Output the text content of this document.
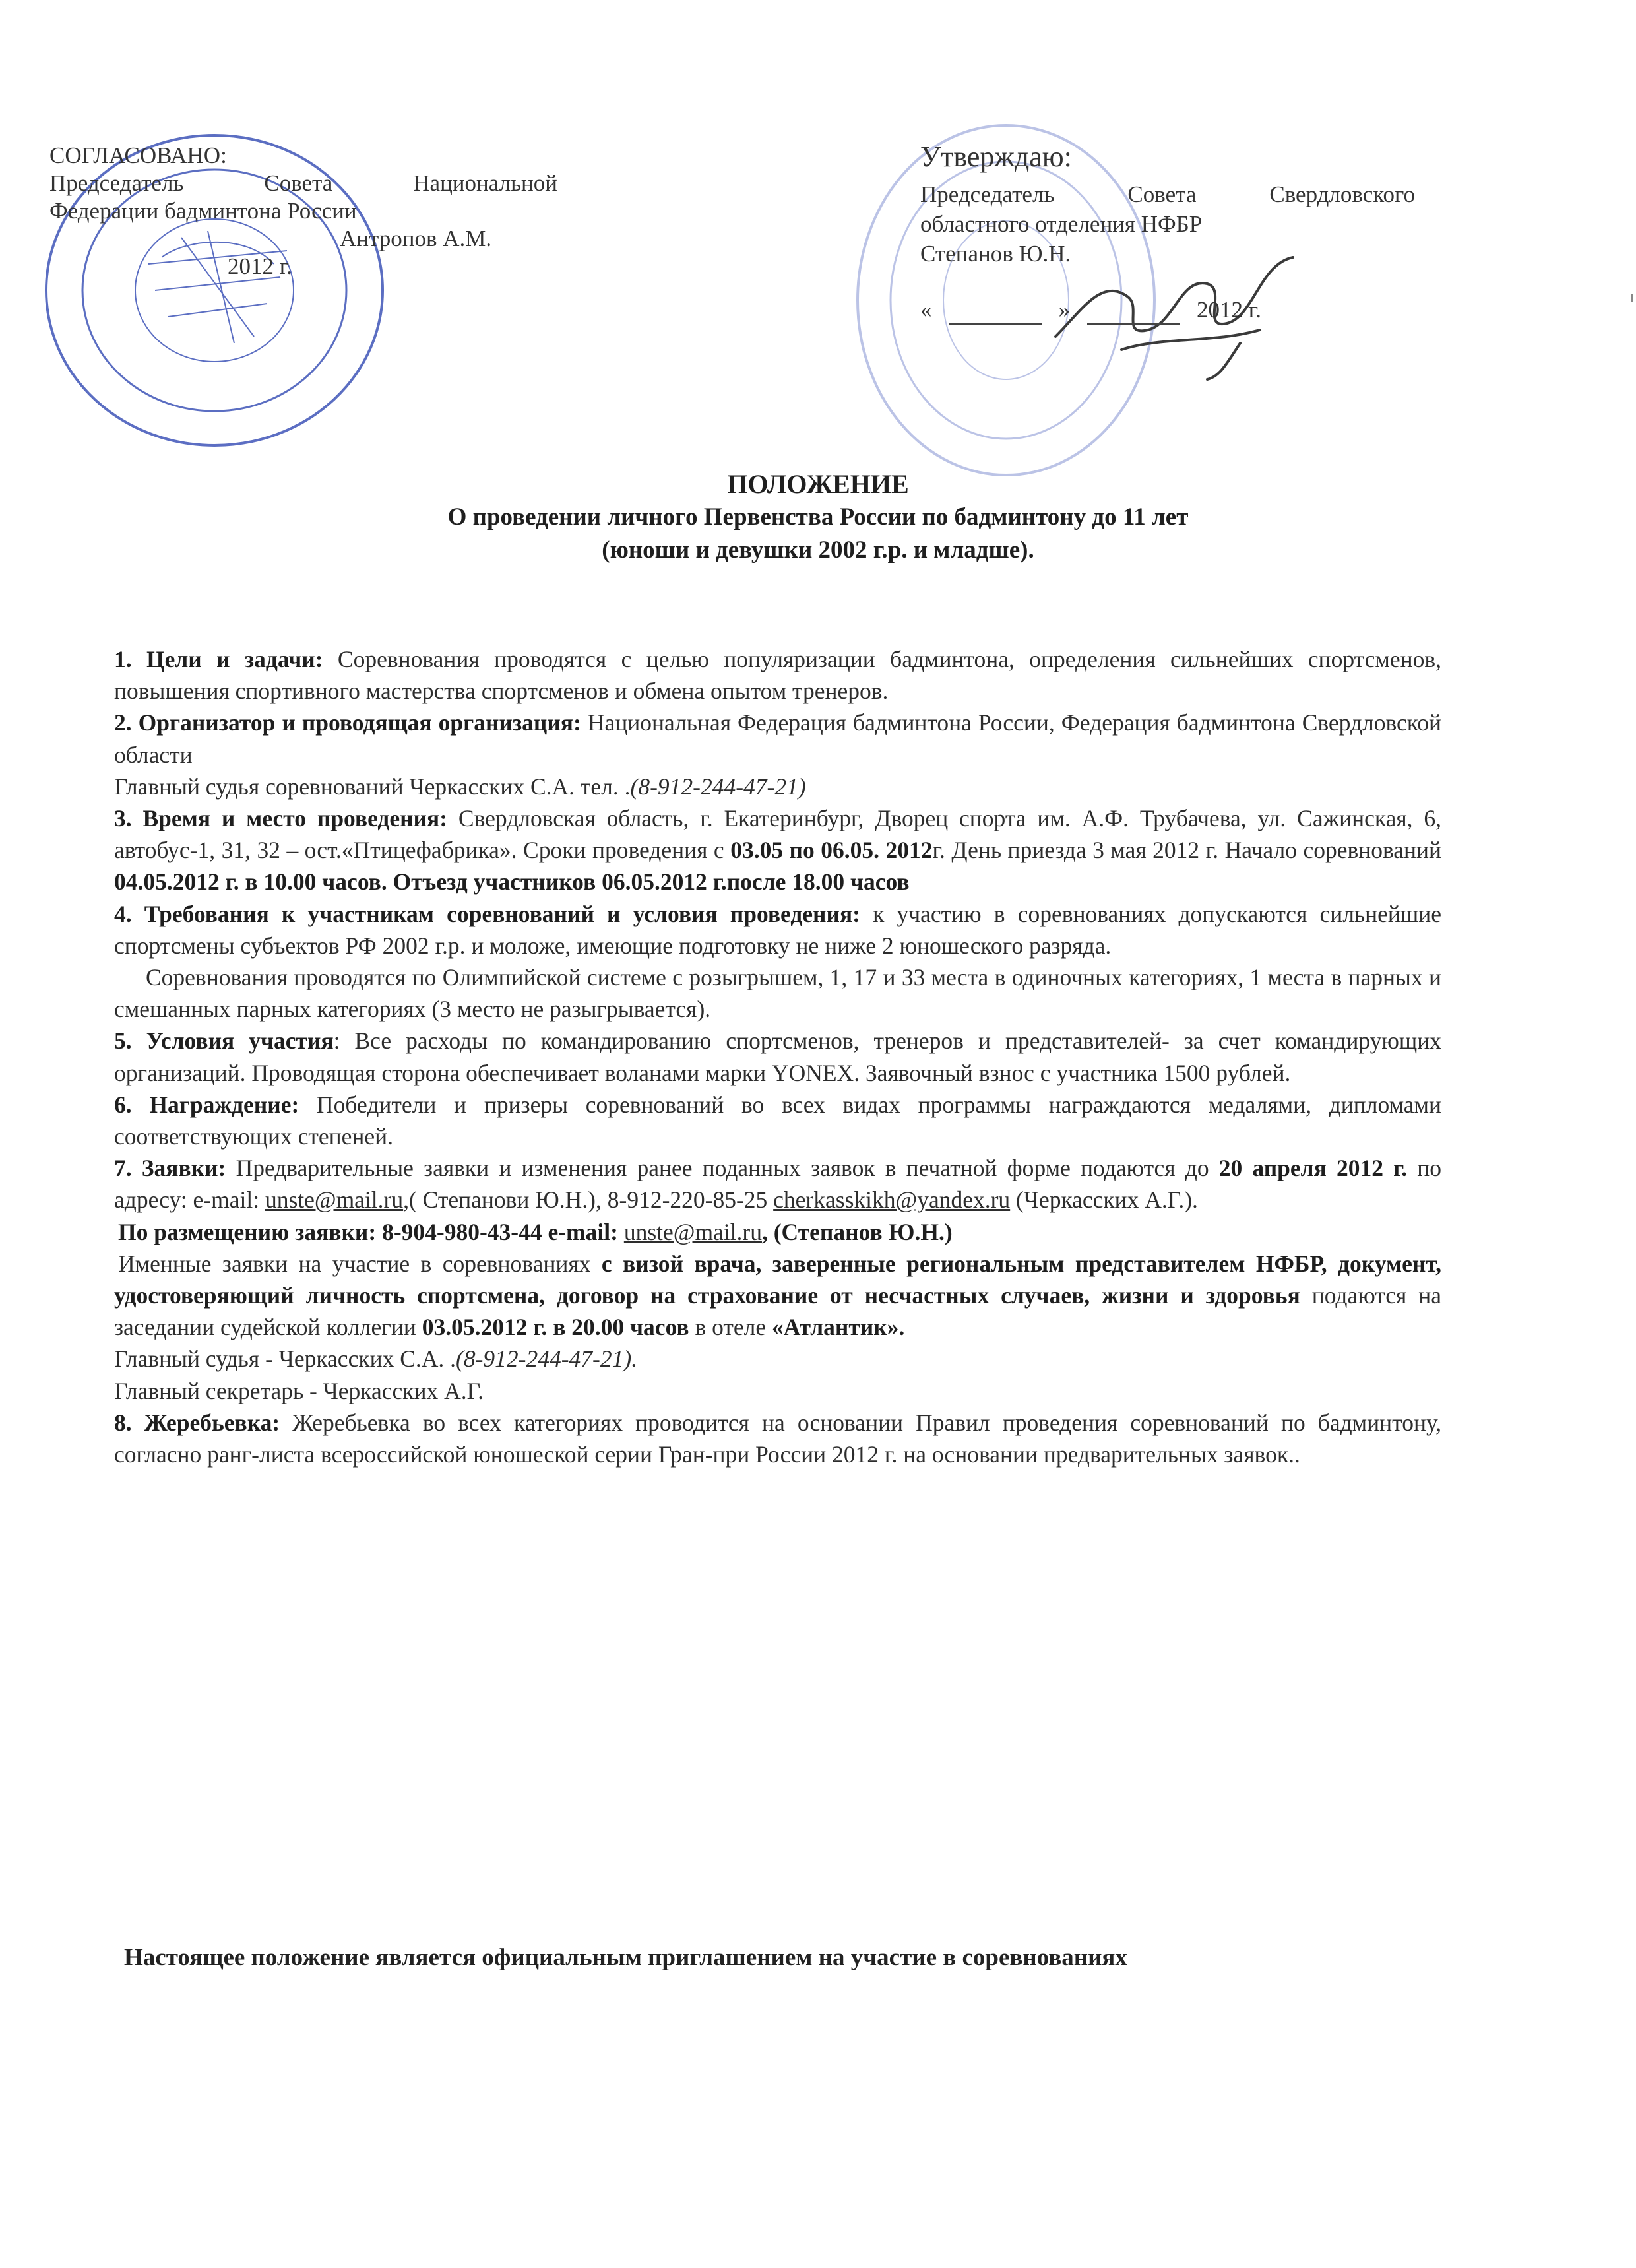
СОГЛАСОВАНО:
Председатель	Совета	Национальной
Федерации бадминтона России
Антропов А.М.
2012 г.
Утверждаю:
Председатель	Совета	Свердловского
областного отделения НФБР
Степанов Ю.Н.
«	»	2012 г.
ПОЛОЖЕНИЕ
О проведении личного Первенства России по бадминтону до 11 лет
(юноши и девушки 2002 г.р. и младше).

1. Цели и задачи: Соревнования проводятся с целью популяризации бадминтона, определения сильнейших спортсменов, повышения спортивного мастерства спортсменов и обмена опытом тренеров.

2. Организатор и проводящая организация: Национальная Федерация бадминтона России, Федерация бадминтона Свердловской области

Главный судья соревнований Черкасских С.А. тел. .(8-912-244-47-21)

3. Время и место проведения: Свердловская область, г. Екатеринбург, Дворец спорта им. А.Ф. Трубачева, ул. Сажинская, 6, автобус-1, 31, 32 – ост.«Птицефабрика». Сроки проведения с 03.05 по 06.05. 2012г. День приезда 3 мая 2012 г. Начало соревнований 04.05.2012 г. в 10.00 часов. Отъезд участников 06.05.2012 г.после 18.00 часов

4. Требования к участникам соревнований и условия проведения: к участию в соревнованиях допускаются сильнейшие спортсмены субъектов РФ 2002 г.р. и моложе, имеющие подготовку не ниже 2 юношеского разряда.

Соревнования проводятся по Олимпийской системе с розыгрышем, 1, 17 и 33 места в одиночных категориях, 1 места в парных и смешанных парных категориях (3 место не разыгрывается).

5. Условия участия: Все расходы по командированию спортсменов, тренеров и представителей- за счет командирующих организаций. Проводящая сторона обеспечивает воланами марки YONEX. Заявочный взнос с участника 1500 рублей.

6. Награждение: Победители и призеры соревнований во всех видах программы награждаются медалями, дипломами соответствующих степеней.

7. Заявки: Предварительные заявки и изменения ранее поданных заявок в печатной форме подаются до 20 апреля 2012 г. по адресу: e-mail: unste@mail.ru,( Степанови Ю.Н.), 8-912-220-85-25 cherkasskikh@yandex.ru (Черкасских А.Г.).

По размещению заявки: 8-904-980-43-44 e-mail: unste@mail.ru, (Степанов Ю.Н.)

Именные заявки на участие в соревнованиях с визой врача, заверенные региональным представителем НФБР, документ, удостоверяющий личность спортсмена, договор на страхование от несчастных случаев, жизни и здоровья подаются на заседании судейской коллегии 03.05.2012 г. в 20.00 часов в отеле «Атлантик».

Главный судья - Черкасских С.А. .(8-912-244-47-21).

Главный секретарь - Черкасских А.Г.

8. Жеребьевка: Жеребьевка во всех категориях проводится на основании Правил проведения соревнований по бадминтону, согласно ранг-листа всероссийской юношеской серии Гран-при России 2012 г. на основании предварительных заявок..

Настоящее положение является официальным приглашением на участие в соревнованиях
